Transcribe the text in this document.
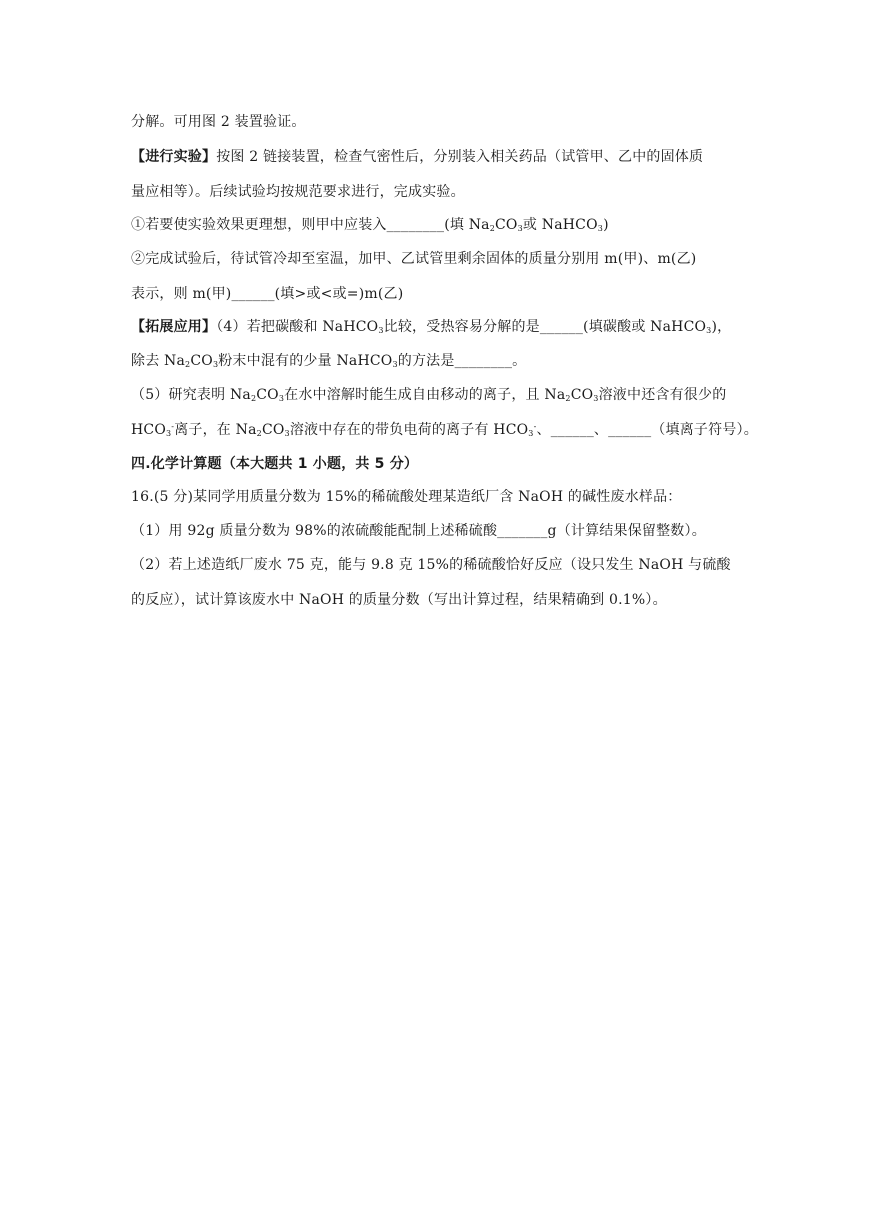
分解。可用图 2 装置验证。
【进行实验】按图 2 链接装置，检查气密性后，分别装入相关药品（试管甲、乙中的固体质
量应相等）。后续试验均按规范要求进行，完成实验。
①若要使实验效果更理想，则甲中应装入________(填 $Na_2CO_3$或 NaHCO$_3$)
②完成试验后，待试管冷却至室温，加甲、乙试管里剩余固体的质量分别用 m(甲)、m(乙)
表示，则 m(甲)______(填>或<或=)m(乙)
【拓展应用】（4）若把碳酸和 NaHCO$_3$比较，受热容易分解的是______(填碳酸或 NaHCO$_3$)，
除去 $Na_2CO_3$粉末中混有的少量 NaHCO$_3$的方法是________。
（5）研究表明 $Na_2CO_3$在水中溶解时能生成自由移动的离子，且 $Na_2CO_3$溶液中还含有很少的
$HCO_3^-$离子，在 $Na_2CO_3$溶液中存在的带负电荷的离子有 $HCO_3^-$、______、______（填离子符号）。
四.化学计算题（本大题共 1 小题，共 5 分）
16.(5 分)某同学用质量分数为 15%的稀硫酸处理某造纸厂含 NaOH 的碱性废水样品：
（1）用 92g 质量分数为 98%的浓硫酸能配制上述稀硫酸_______g（计算结果保留整数）。
（2）若上述造纸厂废水 75 克，能与 9.8 克 15%的稀硫酸恰好反应（设只发生 NaOH 与硫酸
的反应），试计算该废水中 NaOH 的质量分数（写出计算过程，结果精确到 0.1%）。
